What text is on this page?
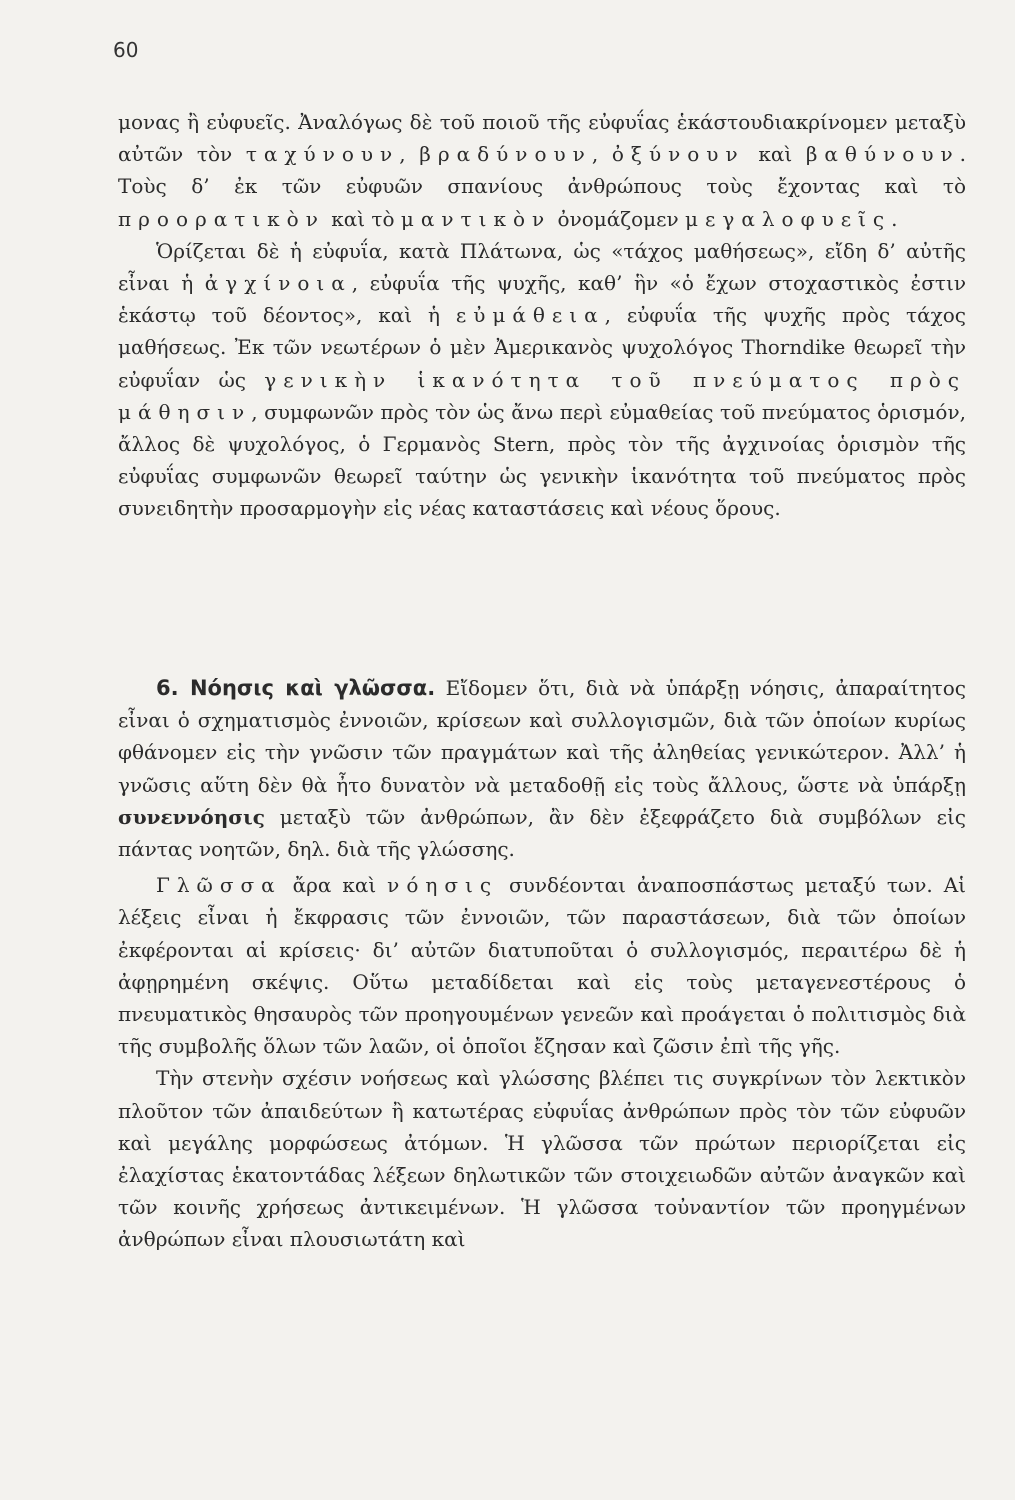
60

μονας ἢ εὐφυεῖς. Ἀναλόγως δὲ τοῦ ποιοῦ τῆς εὐφυΐας ἑκάστουδιακρίνομεν μεταξὺ αὐτῶν τὸν ταχύνουν, βραδύνουν, ὀξύνουν καὶ βαθύνουν. Τοὺς δ’ ἐκ τῶν εὐφυῶν σπανίους ἀνθρώπους τοὺς ἔχοντας καὶ τὸ προορατικὸν καὶ τὸ μαντικὸν ὀνομάζομεν μεγαλοφυεῖς.

Ὁρίζεται δὲ ἡ εὐφυΐα, κατὰ Πλάτωνα, ὡς «τάχος μαθήσεως», εἴδη δ’ αὐτῆς εἶναι ἡ ἀγχίνοια, εὐφυΐα τῆς ψυχῆς, καθ’ ἣν «ὁ ἔχων στοχαστικὸς ἐστιν ἑκάστῳ τοῦ δέοντος», καὶ ἡ εὐμάθεια, εὐφυΐα τῆς ψυχῆς πρὸς τάχος μαθήσεως. Ἐκ τῶν νεωτέρων ὁ μὲν Ἀμερικανὸς ψυχολόγος Thorndike θεωρεῖ τὴν εὐφυΐαν ὡς γενικὴν ἱκανότητα τοῦ πνεύματος πρὸς μάθησιν, συμφωνῶν πρὸς τὸν ὡς ἄνω περὶ εὐμαθείας τοῦ πνεύματος ὁρισμόν, ἄλλος δὲ ψυχολόγος, ὁ Γερμανὸς Stern, πρὸς τὸν τῆς ἀγχινοίας ὁρισμὸν τῆς εὐφυΐας συμφωνῶν θεωρεῖ ταύτην ὡς γενικὴν ἱκανότητα τοῦ πνεύματος πρὸς συνειδητὴν προσαρμογὴν εἰς νέας καταστάσεις καὶ νέους ὅρους.

6. Νόησις καὶ γλῶσσα. Εἴδομεν ὅτι, διὰ νὰ ὑπάρξῃ νόησις, ἀπαραίτητος εἶναι ὁ σχηματισμὸς ἐννοιῶν, κρίσεων καὶ συλλογισμῶν, διὰ τῶν ὁποίων κυρίως φθάνομεν εἰς τὴν γνῶσιν τῶν πραγμάτων καὶ τῆς ἀληθείας γενικώτερον. Ἀλλ’ ἡ γνῶσις αὕτη δὲν θὰ ἦτο δυνατὸν νὰ μεταδοθῇ εἰς τοὺς ἄλλους, ὥστε νὰ ὑπάρξῃ συνεννόησις μεταξὺ τῶν ἀνθρώπων, ἂν δὲν ἐξεφράζετο διὰ συμβόλων εἰς πάντας νοητῶν, δηλ. διὰ τῆς γλώσσης.

Γλῶσσα ἄρα καὶ νόησις συνδέονται ἀναποσπάστως μεταξύ των. Αἱ λέξεις εἶναι ἡ ἔκφρασις τῶν ἐννοιῶν, τῶν παραστάσεων, διὰ τῶν ὁποίων ἐκφέρονται αἱ κρίσεις· δι’ αὐτῶν διατυποῦται ὁ συλλογισμός, περαιτέρω δὲ ἡ ἀφῃρημένη σκέψις. Οὕτω μεταδίδεται καὶ εἰς τοὺς μεταγενεστέρους ὁ πνευματικὸς θησαυρὸς τῶν προηγουμένων γενεῶν καὶ προάγεται ὁ πολιτισμὸς διὰ τῆς συμβολῆς ὅλων τῶν λαῶν, οἱ ὁποῖοι ἔζησαν καὶ ζῶσιν ἐπὶ τῆς γῆς.

Τὴν στενὴν σχέσιν νοήσεως καὶ γλώσσης βλέπει τις συγκρίνων τὸν λεκτικὸν πλοῦτον τῶν ἀπαιδεύτων ἢ κατωτέρας εὐφυΐας ἀνθρώπων πρὸς τὸν τῶν εὐφυῶν καὶ μεγάλης μορφώσεως ἀτόμων. Ἡ γλῶσσα τῶν πρώτων περιορίζεται εἰς ἐλαχίστας ἑκατοντάδας λέξεων δηλωτικῶν τῶν στοιχειωδῶν αὐτῶν ἀναγκῶν καὶ τῶν κοινῆς χρήσεως ἀντικειμένων. Ἡ γλῶσσα τοὐναντίον τῶν προηγμένων ἀνθρώπων εἶναι πλουσιωτάτη καὶ
